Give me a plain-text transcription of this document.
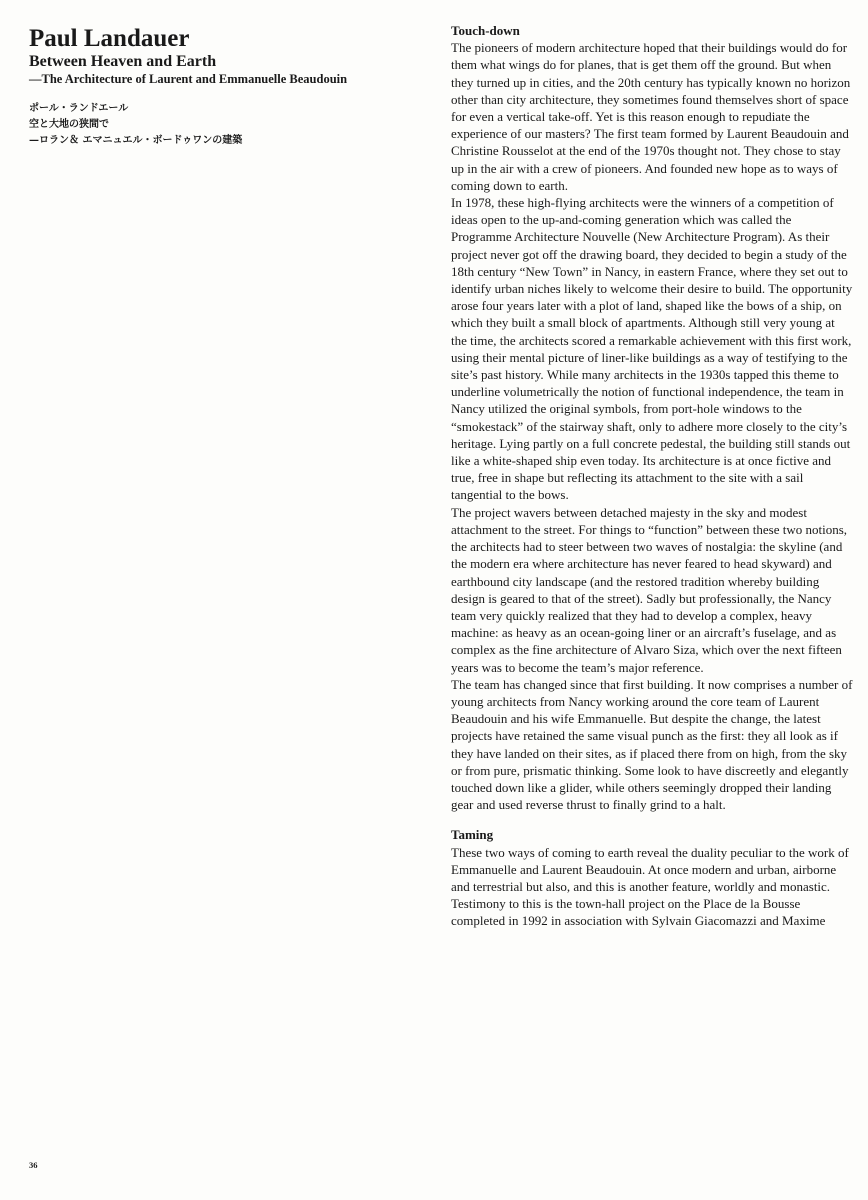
Paul Landauer
Between Heaven and Earth
—The Architecture of Laurent and Emmanuelle Beaudouin

ポール・ランドエール

空と大地の狭間で

—ロラン＆ エマニュエル・ボードゥワンの建築

Touch-down

The pioneers of modern architecture hoped that their buildings would do for them what wings do for planes, that is get them off the ground. But when they turned up in cities, and the 20th century has typically known no horizon other than city architecture, they sometimes found themselves short of space for even a vertical take-off. Yet is this reason enough to repudiate the experience of our masters? The first team formed by Laurent Beaudouin and Christine Rousselot at the end of the 1970s thought not. They chose to stay up in the air with a crew of pioneers. And founded new hope as to ways of coming down to earth.

In 1978, these high-flying architects were the winners of a competition of ideas open to the up-and-coming generation which was called the Programme Architecture Nouvelle (New Architecture Program). As their project never got off the drawing board, they decided to begin a study of the 18th century “New Town” in Nancy, in eastern France, where they set out to identify urban niches likely to welcome their desire to build. The opportunity arose four years later with a plot of land, shaped like the bows of a ship, on which they built a small block of apartments. Although still very young at the time, the architects scored a remarkable achievement with this first work, using their mental picture of liner-like buildings as a way of testifying to the site’s past history. While many architects in the 1930s tapped this theme to underline volumetrically the notion of functional independence, the team in Nancy utilized the original symbols, from port-hole windows to the “smokestack” of the stairway shaft, only to adhere more closely to the city’s heritage. Lying partly on a full concrete pedestal, the building still stands out like a white-shaped ship even today. Its architecture is at once fictive and true, free in shape but reflecting its attachment to the site with a sail tangential to the bows.

The project wavers between detached majesty in the sky and modest attachment to the street. For things to “function” between these two notions, the architects had to steer between two waves of nostalgia: the skyline (and the modern era where architecture has never feared to head skyward) and earthbound city landscape (and the restored tradition whereby building design is geared to that of the street). Sadly but professionally, the Nancy team very quickly realized that they had to develop a complex, heavy machine: as heavy as an ocean-going liner or an aircraft’s fuselage, and as complex as the fine architecture of Alvaro Siza, which over the next fifteen years was to become the team’s major reference.

The team has changed since that first building. It now comprises a number of young architects from Nancy working around the core team of Laurent Beaudouin and his wife Emmanuelle. But despite the change, the latest projects have retained the same visual punch as the first: they all look as if they have landed on their sites, as if placed there from on high, from the sky or from pure, prismatic thinking. Some look to have discreetly and elegantly touched down like a glider, while others seemingly dropped their landing gear and used reverse thrust to finally grind to a halt.

Taming

These two ways of coming to earth reveal the duality peculiar to the work of Emmanuelle and Laurent Beaudouin. At once modern and urban, airborne and terrestrial but also, and this is another feature, worldly and monastic. Testimony to this is the town-hall project on the Place de la Bousse completed in 1992 in association with Sylvain Giacomazzi and Maxime

36
